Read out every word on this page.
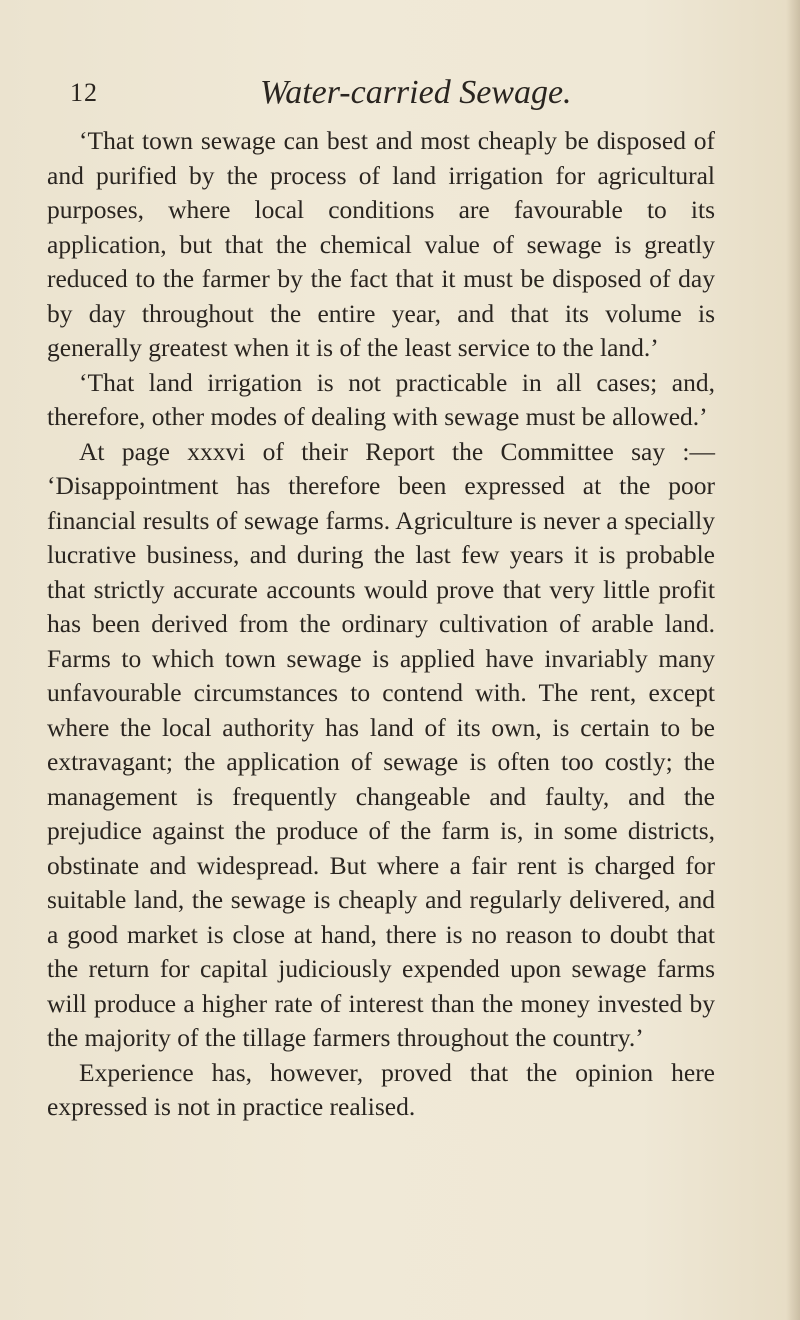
12	Water-carried Sewage.

‘That town sewage can best and most cheaply be disposed of and purified by the process of land irrigation for agricultural purposes, where local conditions are favourable to its application, but that the chemical value of sewage is greatly reduced to the farmer by the fact that it must be disposed of day by day throughout the entire year, and that its volume is generally greatest when it is of the least service to the land.’

‘That land irrigation is not practicable in all cases; and, therefore, other modes of dealing with sewage must be allowed.’

At page xxxvi of their Report the Committee say :— ‘Disappointment has therefore been expressed at the poor financial results of sewage farms. Agriculture is never a specially lucrative business, and during the last few years it is probable that strictly accurate accounts would prove that very little profit has been derived from the ordinary cultivation of arable land. Farms to which town sewage is applied have invariably many unfavourable circumstances to contend with. The rent, except where the local authority has land of its own, is certain to be extravagant; the application of sewage is often too costly; the management is frequently changeable and faulty, and the prejudice against the produce of the farm is, in some districts, obstinate and widespread. But where a fair rent is charged for suitable land, the sewage is cheaply and regularly delivered, and a good market is close at hand, there is no reason to doubt that the return for capital judiciously expended upon sewage farms will produce a higher rate of interest than the money invested by the majority of the tillage farmers throughout the country.’

Experience has, however, proved that the opinion here expressed is not in practice realised.
